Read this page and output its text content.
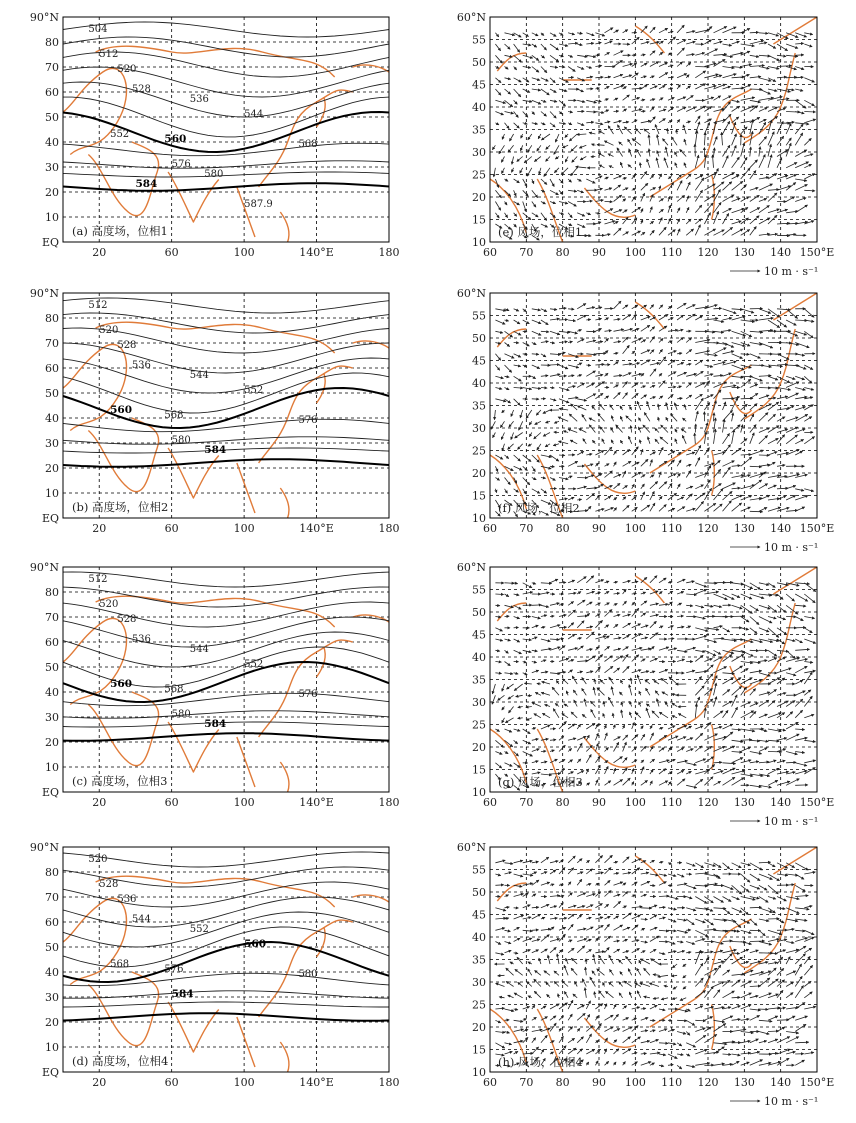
504
512
520
528
536
544
552	560	568
576
580
584
587.9
90°N
80
70
60
50
40
30
20
10
EQ
20	60	100	140°E	180
(a) 高度场，位相1
512
520
528
536
544
552
560	568	576
580
584
90°N
80
70
60
50
40
30
20
10
EQ
20	60	100	140°E	180
(b) 高度场，位相2
512
520
528
536
544
552
560	568	576
580
584
90°N
80
70
60
50
40
30
20
10
EQ
20	60	100	140°E	180
(c) 高度场，位相3
520
528
536
544
552
560
568	576	580
584
90°N
80
70
60
50
40
30
20
10
EQ
20	60	100	140°E	180
(d) 高度场，位相4
60°N
55
50
45
40
35
30
25
20
15
10
60 70 80 90 100 110 120 130 140 150°E
(e) 风场，位相1
10 m · s⁻¹
60°N
55
50
45
40
35
30
25
20
15
10
60 70 80 90 100 110 120 130 140 150°E
(f) 风场，位相2
10 m · s⁻¹
60°N
55
50
45
40
35
30
25
20
15
10
60 70 80 90 100 110 120 130 140 150°E
(g) 风场，位相3
10 m · s⁻¹
60°N
55
50
45
40
35
30
25
20
15
10
60 70 80 90 100 110 120 130 140 150°E
(h) 风场，位相4
10 m · s⁻¹
